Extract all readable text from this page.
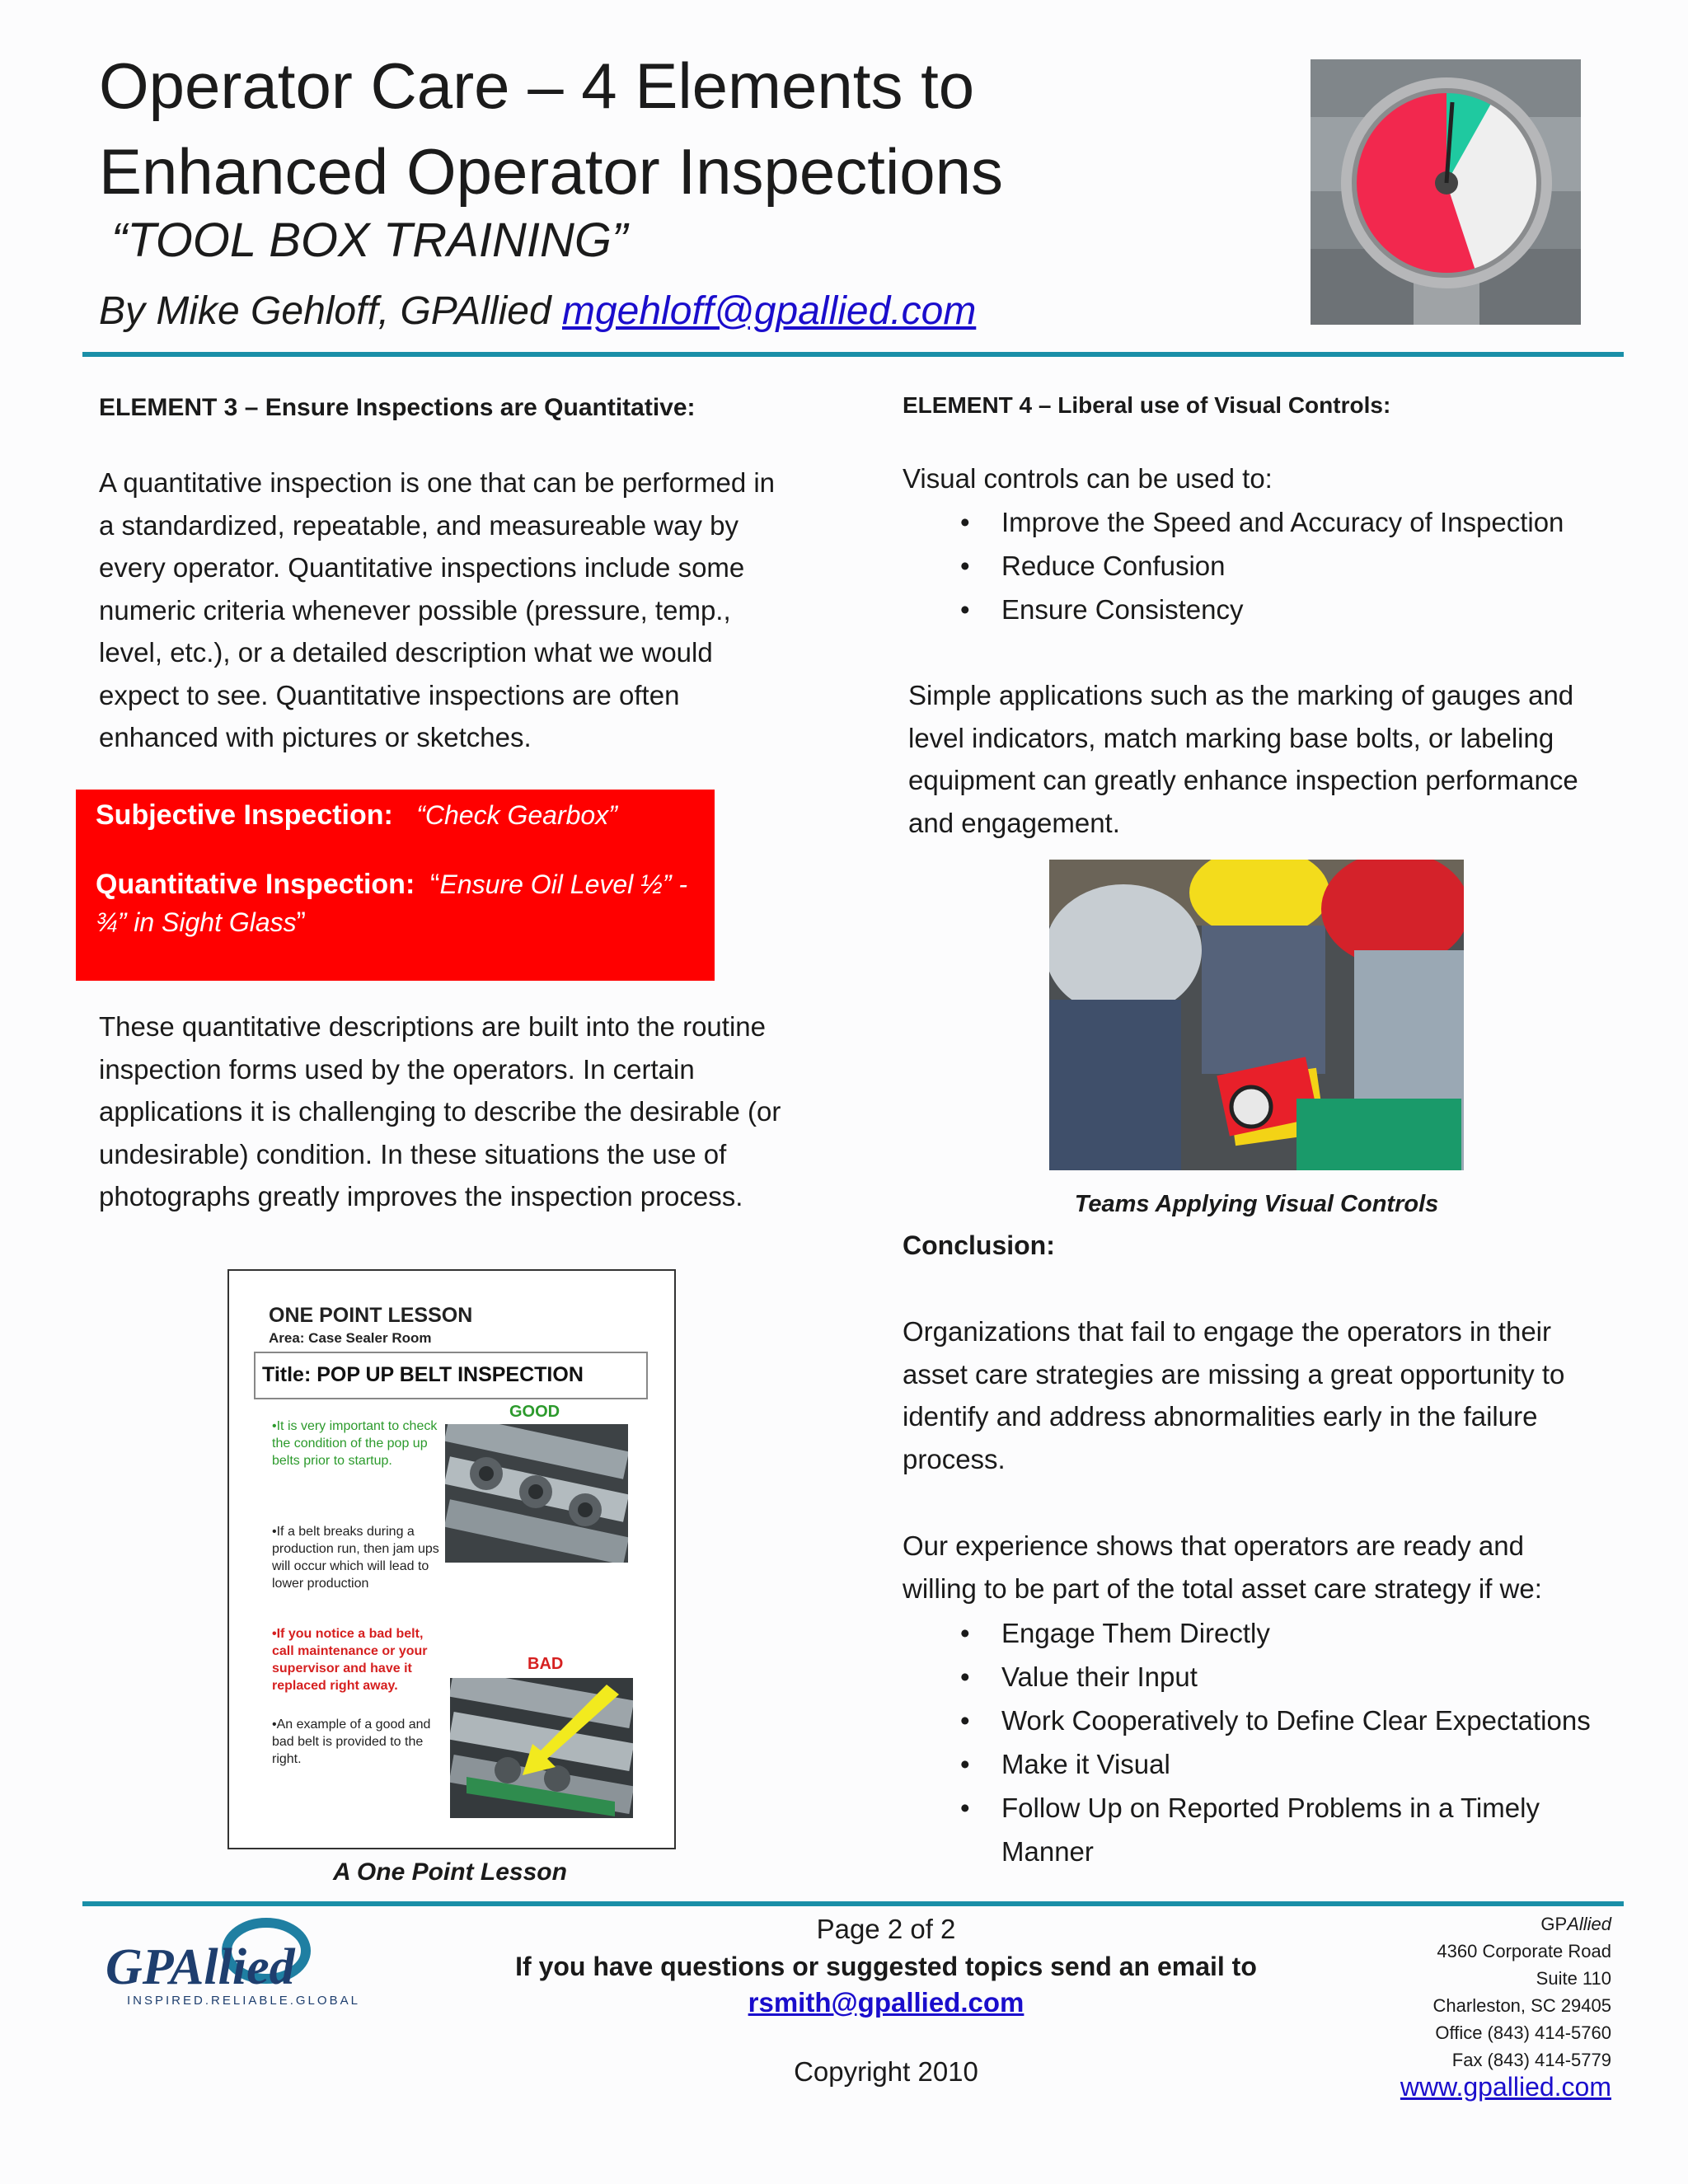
Operator Care – 4 Elements to
Enhanced Operator Inspections
“TOOL BOX TRAINING”
By Mike Gehloff, GPAllied mgehloff@gpallied.com
ELEMENT 3 – Ensure Inspections are Quantitative:
A quantitative inspection is one that can be performed in
a standardized, repeatable, and measureable way by
every operator. Quantitative inspections include some
numeric criteria whenever possible (pressure, temp.,
level, etc.), or a detailed description what we would
expect to see. Quantitative inspections are often
enhanced with pictures or sketches.
Subjective Inspection: “Check Gearbox”
Quantitative Inspection: “Ensure Oil Level ½” - ¾” in Sight Glass”
These quantitative descriptions are built into the routine
inspection forms used by the operators. In certain
applications it is challenging to describe the desirable (or
undesirable) condition. In these situations the use of
photographs greatly improves the inspection process.
ONE POINT LESSON
Area: Case Sealer Room
Title: POP UP BELT INSPECTION
GOOD
•It is very important to check the condition of the pop up belts prior to startup.
•If a belt breaks during a production run, then jam ups will occur which will lead to lower production
•If you notice a bad belt, call maintenance or your supervisor and have it replaced right away.
BAD
•An example of a good and bad belt is provided to the right.
A One Point Lesson
ELEMENT 4 – Liberal use of Visual Controls:
Visual controls can be used to:
• Improve the Speed and Accuracy of Inspection
• Reduce Confusion
• Ensure Consistency
Simple applications such as the marking of gauges and
level indicators, match marking base bolts, or labeling
equipment can greatly enhance inspection performance
and engagement.
Teams Applying Visual Controls
Conclusion:
Organizations that fail to engage the operators in their
asset care strategies are missing a great opportunity to
identify and address abnormalities early in the failure
process.
Our experience shows that operators are ready and
willing to be part of the total asset care strategy if we:
• Engage Them Directly
• Value their Input
• Work Cooperatively to Define Clear Expectations
• Make it Visual
• Follow Up on Reported Problems in a Timely
Manner
GPAllied
INSPIRED.RELIABLE.GLOBAL
Page 2 of 2
If you have questions or suggested topics send an email to
rsmith@gpallied.com
Copyright 2010
GPAllied
4360 Corporate Road
Suite 110
Charleston, SC 29405
Office (843) 414-5760
Fax (843) 414-5779
www.gpallied.com
